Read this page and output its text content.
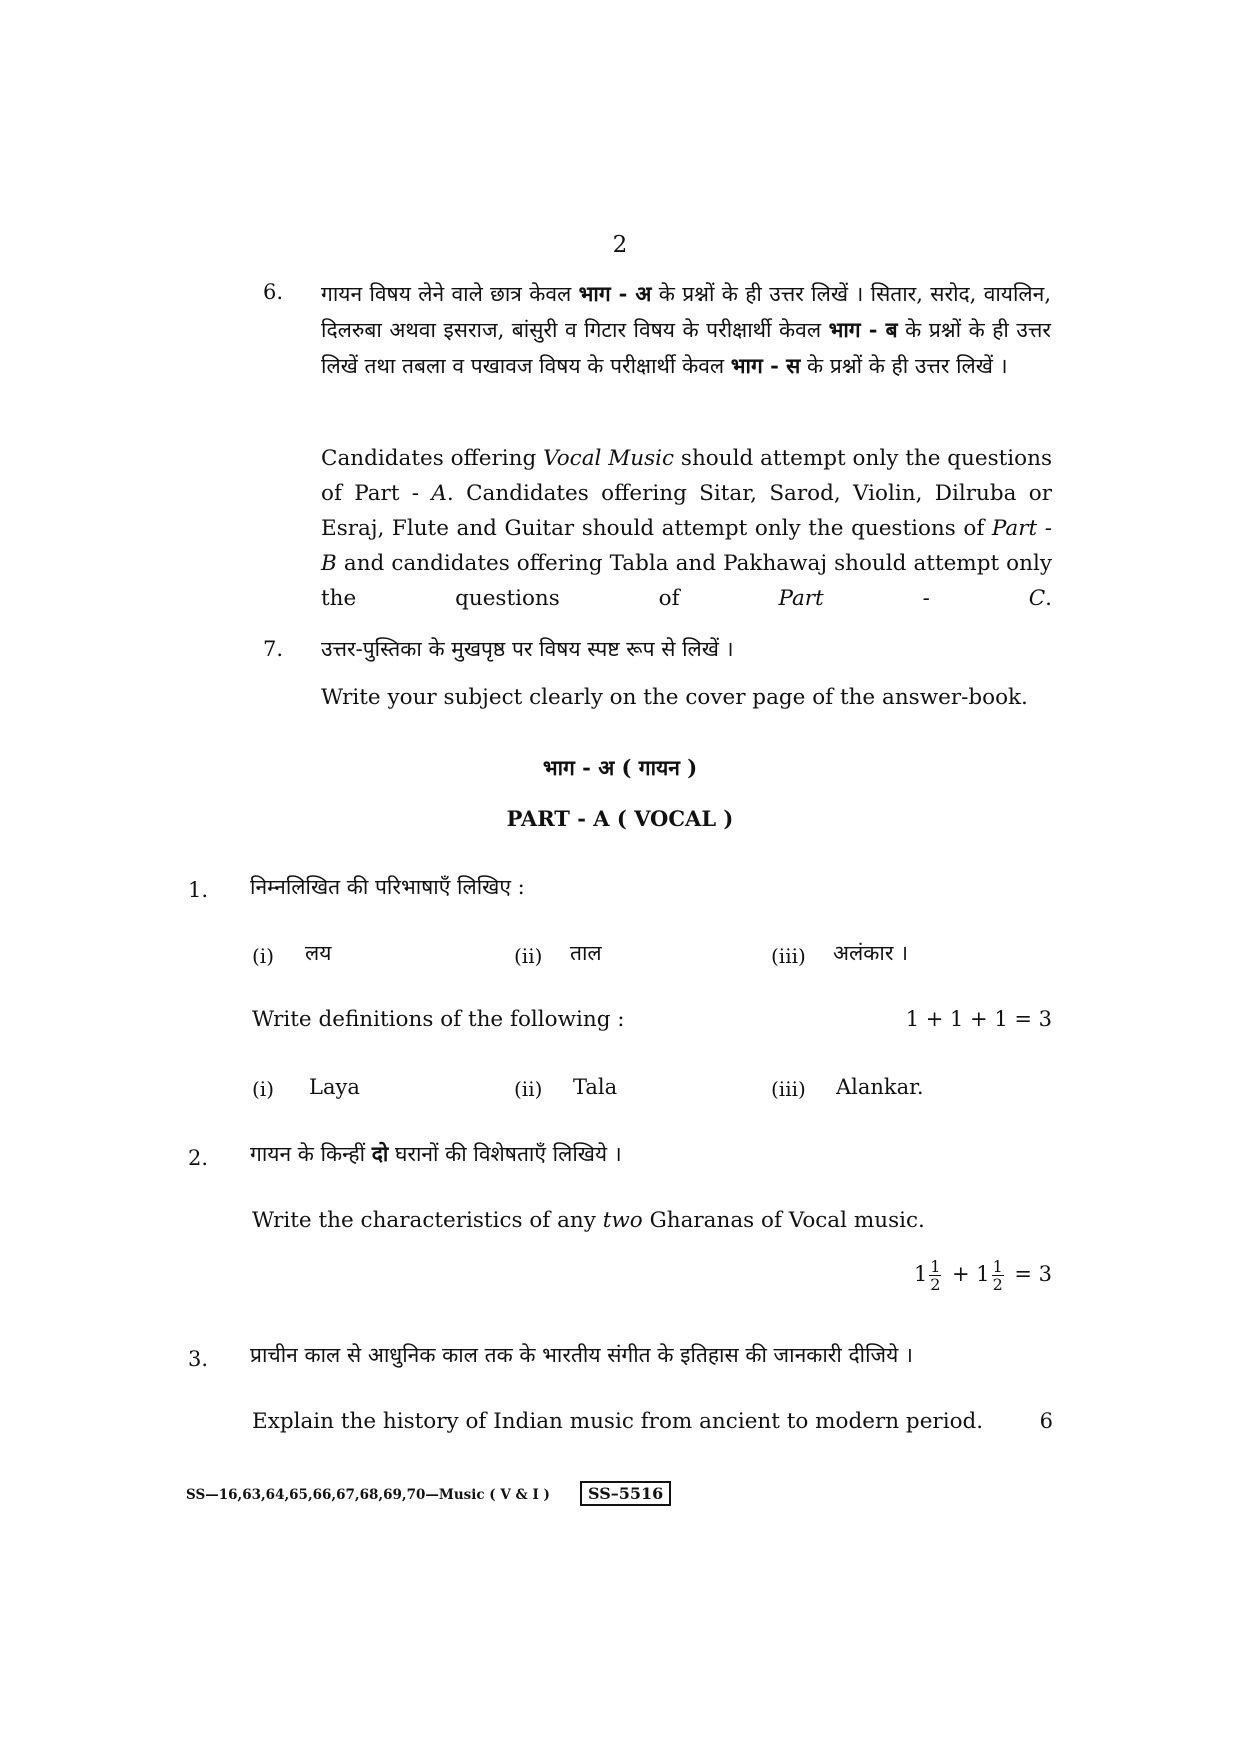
2
6. गायन विषय लेने वाले छात्र केवल भाग - अ के प्रश्नों के ही उत्तर लिखें । सितार, सरोद, वायलिन, दिलरुबा अथवा इसराज, बांसुरी व गिटार विषय के परीक्षार्थी केवल भाग - ब के प्रश्नों के ही उत्तर लिखें तथा तबला व पखावज विषय के परीक्षार्थी केवल भाग - स के प्रश्नों के ही उत्तर लिखें ।
Candidates offering Vocal Music should attempt only the questions of Part - A. Candidates offering Sitar, Sarod, Violin, Dilruba or Esraj, Flute and Guitar should attempt only the questions of Part - B and candidates offering Tabla and Pakhawaj should attempt only the questions of Part - C.
7. उत्तर-पुस्तिका के मुखपृष्ठ पर विषय स्पष्ट रूप से लिखें ।
Write your subject clearly on the cover page of the answer-book.
भाग - अ ( गायन )
PART - A ( VOCAL )
1. निम्नलिखित की परिभाषाएँ लिखिए :
(i) लय	(ii) ताल	(iii) अलंकार ।
Write definitions of the following :	1 + 1 + 1 = 3
(i) Laya	(ii) Tala	(iii) Alankar.
2. गायन के किन्हीं दो घरानों की विशेषताएँ लिखिये ।
Write the characteristics of any two Gharanas of Vocal music.
$1 \frac{1}{2} + 1 \frac{1}{2} = 3$
3. प्राचीन काल से आधुनिक काल तक के भारतीय संगीत के इतिहास की जानकारी दीजिये ।
Explain the history of Indian music from ancient to modern period.	6
SS—16,63,64,65,66,67,68,69,70—Music ( V & I )	SS–5516
